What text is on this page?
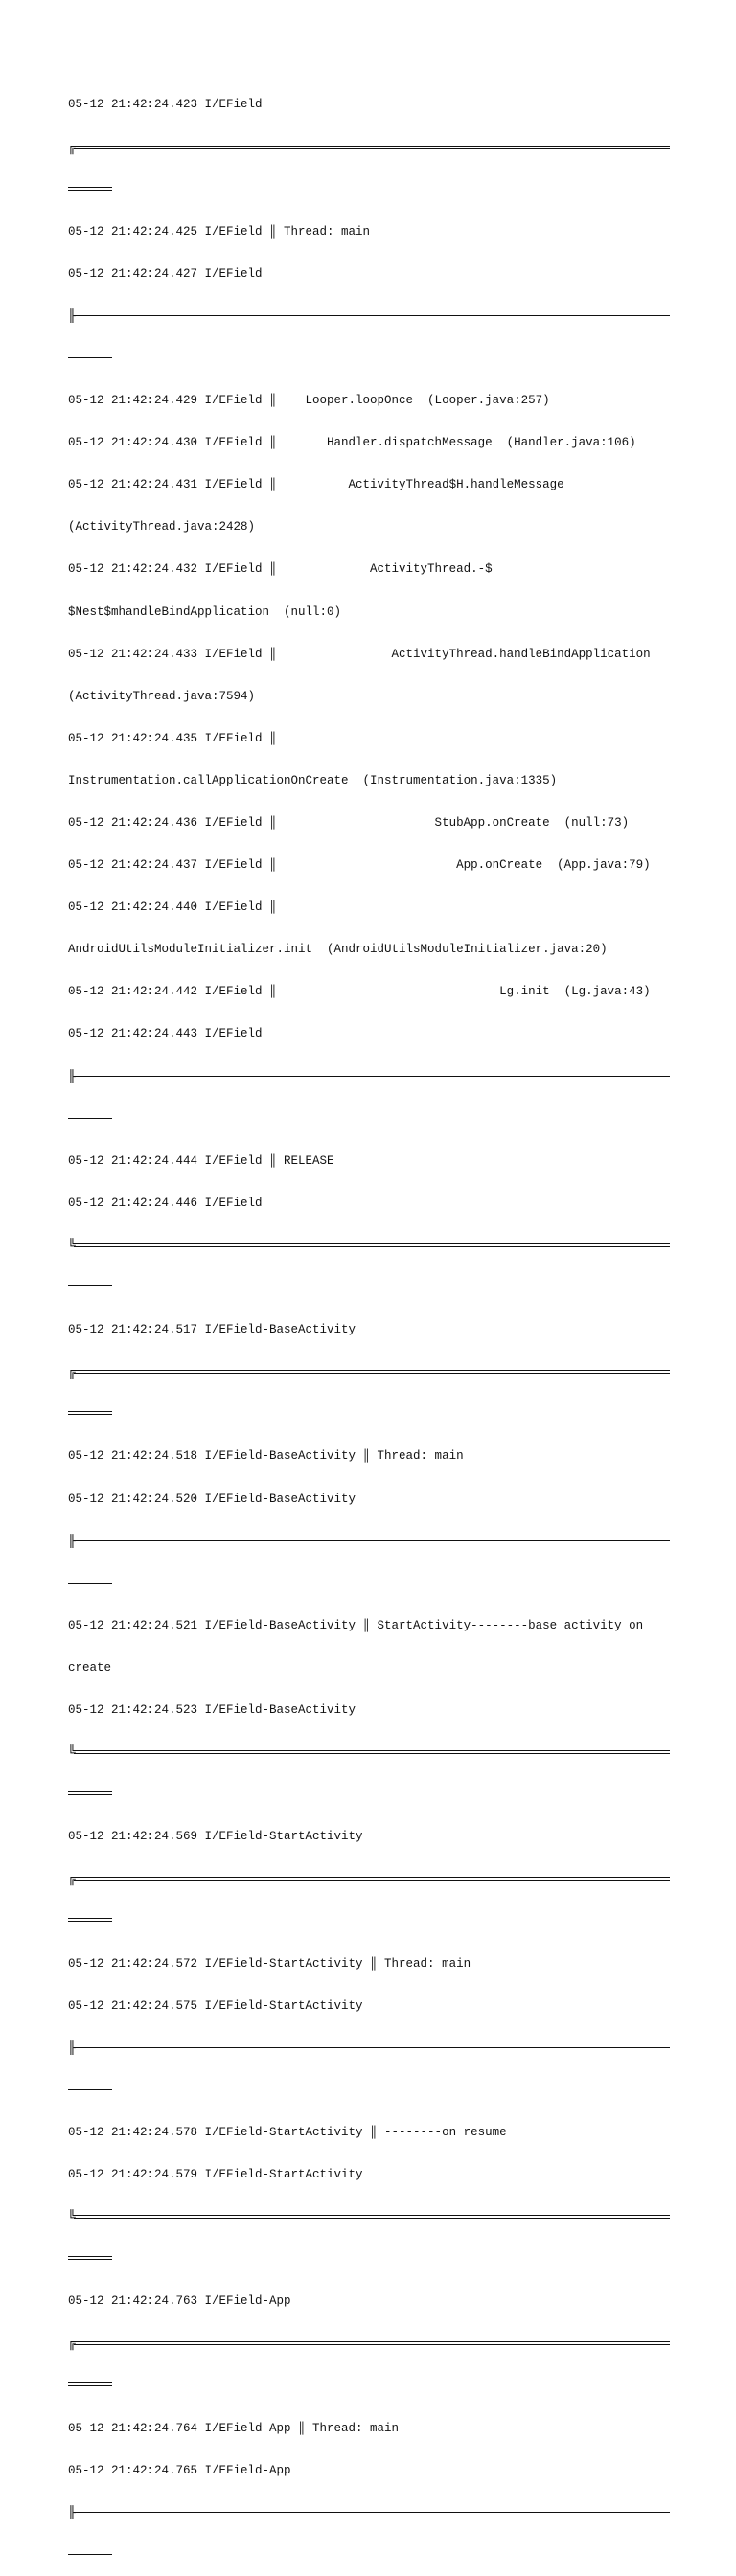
05-12 21:42:24.423 I/EField

╔

05-12 21:42:24.425 I/EField ║ Thread: main

05-12 21:42:24.427 I/EField

╟

05-12 21:42:24.429 I/EField ║    Looper.loopOnce  (Looper.java:257)

05-12 21:42:24.430 I/EField ║       Handler.dispatchMessage  (Handler.java:106)

05-12 21:42:24.431 I/EField ║          ActivityThread$H.handleMessage

(ActivityThread.java:2428)

05-12 21:42:24.432 I/EField ║             ActivityThread.-$

$Nest$mhandleBindApplication  (null:0)

05-12 21:42:24.433 I/EField ║                ActivityThread.handleBindApplication

(ActivityThread.java:7594)

05-12 21:42:24.435 I/EField ║

Instrumentation.callApplicationOnCreate  (Instrumentation.java:1335)

05-12 21:42:24.436 I/EField ║                      StubApp.onCreate  (null:73)

05-12 21:42:24.437 I/EField ║                         App.onCreate  (App.java:79)

05-12 21:42:24.440 I/EField ║

AndroidUtilsModuleInitializer.init  (AndroidUtilsModuleInitializer.java:20)

05-12 21:42:24.442 I/EField ║                               Lg.init  (Lg.java:43)

05-12 21:42:24.443 I/EField

╟

05-12 21:42:24.444 I/EField ║ RELEASE

05-12 21:42:24.446 I/EField

╚

05-12 21:42:24.517 I/EField-BaseActivity

╔

05-12 21:42:24.518 I/EField-BaseActivity ║ Thread: main

05-12 21:42:24.520 I/EField-BaseActivity

╟

05-12 21:42:24.521 I/EField-BaseActivity ║ StartActivity--------base activity on

create

05-12 21:42:24.523 I/EField-BaseActivity

╚

05-12 21:42:24.569 I/EField-StartActivity

╔

05-12 21:42:24.572 I/EField-StartActivity ║ Thread: main

05-12 21:42:24.575 I/EField-StartActivity

╟

05-12 21:42:24.578 I/EField-StartActivity ║ --------on resume

05-12 21:42:24.579 I/EField-StartActivity

╚

05-12 21:42:24.763 I/EField-App

╔

05-12 21:42:24.764 I/EField-App ║ Thread: main

05-12 21:42:24.765 I/EField-App

╟
